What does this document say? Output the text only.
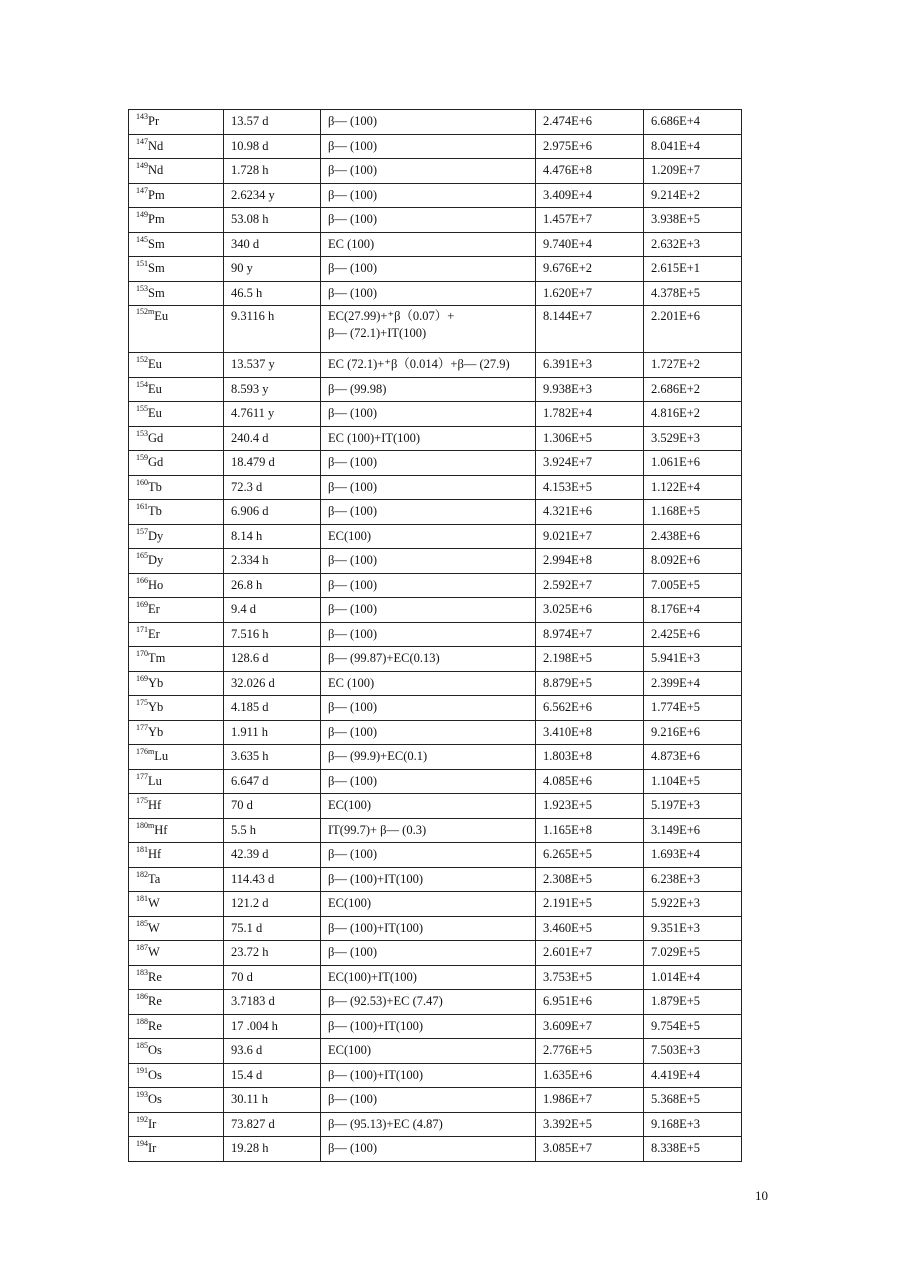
$^{143}$Pr	13.57 d	β— (100)	2.474E+6	6.686E+4
$^{147}$Nd	10.98 d	β— (100)	2.975E+6	8.041E+4
$^{149}$Nd	1.728 h	β— (100)	4.476E+8	1.209E+7
$^{147}$Pm	2.6234 y	β— (100)	3.409E+4	9.214E+2
$^{149}$Pm	53.08 h	β— (100)	1.457E+7	3.938E+5
$^{145}$Sm	340 d	EC (100)	9.740E+4	2.632E+3
$^{151}$Sm	90 y	β— (100)	9.676E+2	2.615E+1
$^{153}$Sm	46.5 h	β— (100)	1.620E+7	4.378E+5
$^{152m}$Eu	9.3116 h	EC(27.99)+⁺β（0.07）+
β— (72.1)+IT(100)	8.144E+7	2.201E+6
$^{152}$Eu	13.537 y	EC (72.1)+⁺β（0.014）+β— (27.9)	6.391E+3	1.727E+2
$^{154}$Eu	8.593 y	β— (99.98)	9.938E+3	2.686E+2
$^{155}$Eu	4.7611 y	β— (100)	1.782E+4	4.816E+2
$^{153}$Gd	240.4 d	EC (100)+IT(100)	1.306E+5	3.529E+3
$^{159}$Gd	18.479 d	β— (100)	3.924E+7	1.061E+6
$^{160}$Tb	72.3 d	β— (100)	4.153E+5	1.122E+4
$^{161}$Tb	6.906 d	β— (100)	4.321E+6	1.168E+5
$^{157}$Dy	8.14 h	EC(100)	9.021E+7	2.438E+6
$^{165}$Dy	2.334 h	β— (100)	2.994E+8	8.092E+6
$^{166}$Ho	26.8 h	β— (100)	2.592E+7	7.005E+5
$^{169}$Er	9.4 d	β— (100)	3.025E+6	8.176E+4
$^{171}$Er	7.516 h	β— (100)	8.974E+7	2.425E+6
$^{170}$Tm	128.6 d	β— (99.87)+EC(0.13)	2.198E+5	5.941E+3
$^{169}$Yb	32.026 d	EC (100)	8.879E+5	2.399E+4
$^{175}$Yb	4.185 d	β— (100)	6.562E+6	1.774E+5
$^{177}$Yb	1.911 h	β— (100)	3.410E+8	9.216E+6
$^{176m}$Lu	3.635 h	β— (99.9)+EC(0.1)	1.803E+8	4.873E+6
$^{177}$Lu	6.647 d	β— (100)	4.085E+6	1.104E+5
$^{175}$Hf	70 d	EC(100)	1.923E+5	5.197E+3
$^{180m}$Hf	5.5 h	IT(99.7)+ β— (0.3)	1.165E+8	3.149E+6
$^{181}$Hf	42.39 d	β— (100)	6.265E+5	1.693E+4
$^{182}$Ta	114.43 d	β— (100)+IT(100)	2.308E+5	6.238E+3
$^{181}$W	121.2 d	EC(100)	2.191E+5	5.922E+3
$^{185}$W	75.1 d	β— (100)+IT(100)	3.460E+5	9.351E+3
$^{187}$W	23.72 h	β— (100)	2.601E+7	7.029E+5
$^{183}$Re	70 d	EC(100)+IT(100)	3.753E+5	1.014E+4
$^{186}$Re	3.7183 d	β— (92.53)+EC (7.47)	6.951E+6	1.879E+5
$^{188}$Re	17 .004 h	β— (100)+IT(100)	3.609E+7	9.754E+5
$^{185}$Os	93.6 d	EC(100)	2.776E+5	7.503E+3
$^{191}$Os	15.4 d	β— (100)+IT(100)	1.635E+6	4.419E+4
$^{193}$Os	30.11 h	β— (100)	1.986E+7	5.368E+5
$^{192}$Ir	73.827 d	β— (95.13)+EC (4.87)	3.392E+5	9.168E+3
$^{194}$Ir	19.28 h	β— (100)	3.085E+7	8.338E+5
10
